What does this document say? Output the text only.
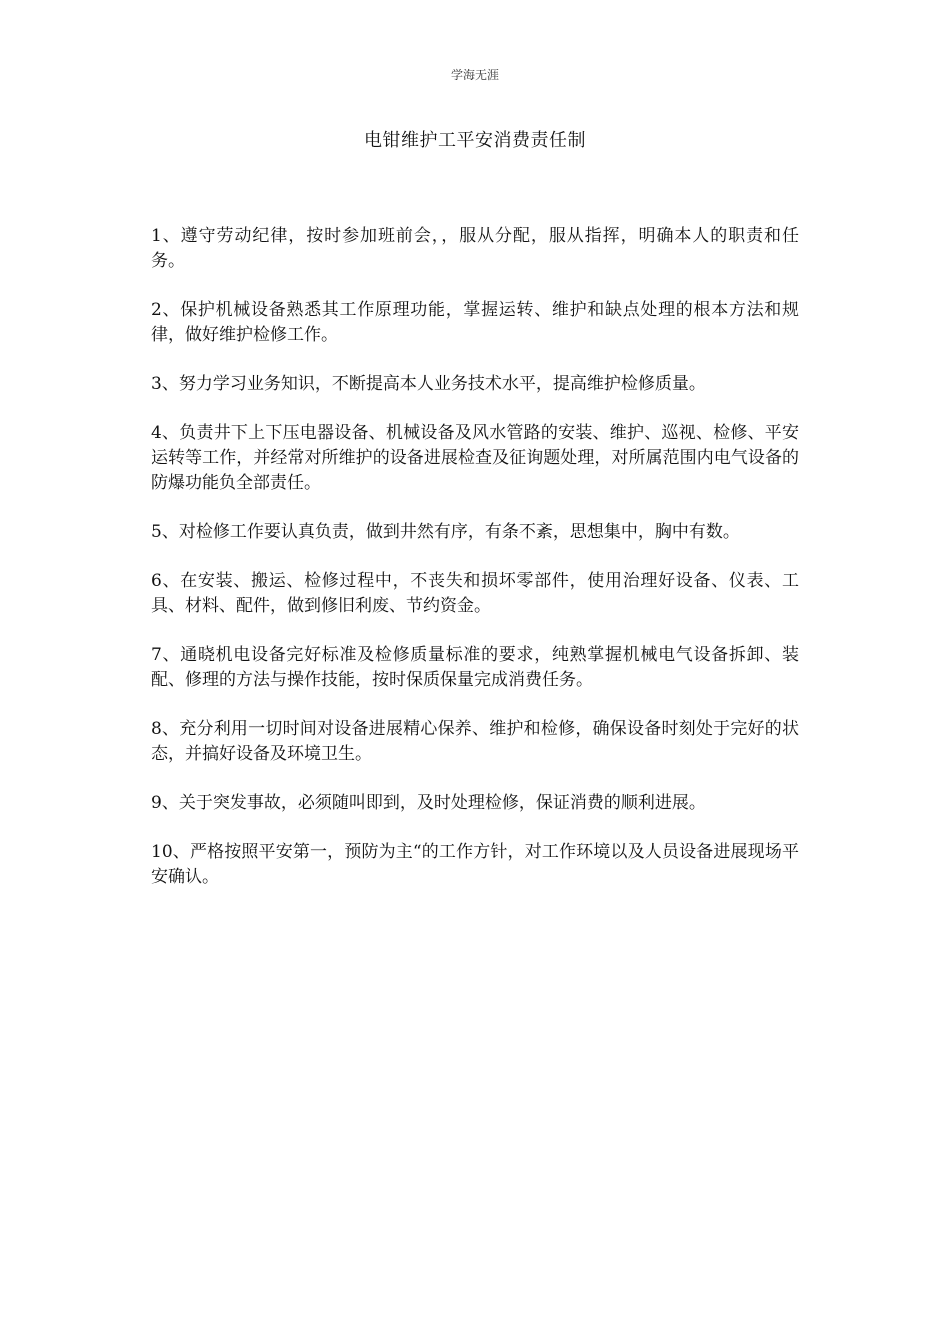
学海无涯
电钳维护工平安消费责任制

1、遵守劳动纪律，按时参加班前会，，服从分配，服从指挥，明确本人的职责和任务。

2、保护机械设备熟悉其工作原理功能，掌握运转、维护和缺点处理的根本方法和规律，做好维护检修工作。

3、努力学习业务知识，不断提高本人业务技术水平，提高维护检修质量。

4、负责井下上下压电器设备、机械设备及风水管路的安装、维护、巡视、检修、平安运转等工作，并经常对所维护的设备进展检查及征询题处理，对所属范围内电气设备的防爆功能负全部责任。

5、对检修工作要认真负责，做到井然有序，有条不紊，思想集中，胸中有数。

6、在安装、搬运、检修过程中，不丧失和损坏零部件，使用治理好设备、仪表、工具、材料、配件，做到修旧利废、节约资金。

7、通晓机电设备完好标准及检修质量标准的要求，纯熟掌握机械电气设备拆卸、装配、修理的方法与操作技能，按时保质保量完成消费任务。

8、充分利用一切时间对设备进展精心保养、维护和检修，确保设备时刻处于完好的状态，并搞好设备及环境卫生。

9、关于突发事故，必须随叫即到，及时处理检修，保证消费的顺利进展。

10、严格按照平安第一，预防为主“的工作方针，对工作环境以及人员设备进展现场平安确认。
